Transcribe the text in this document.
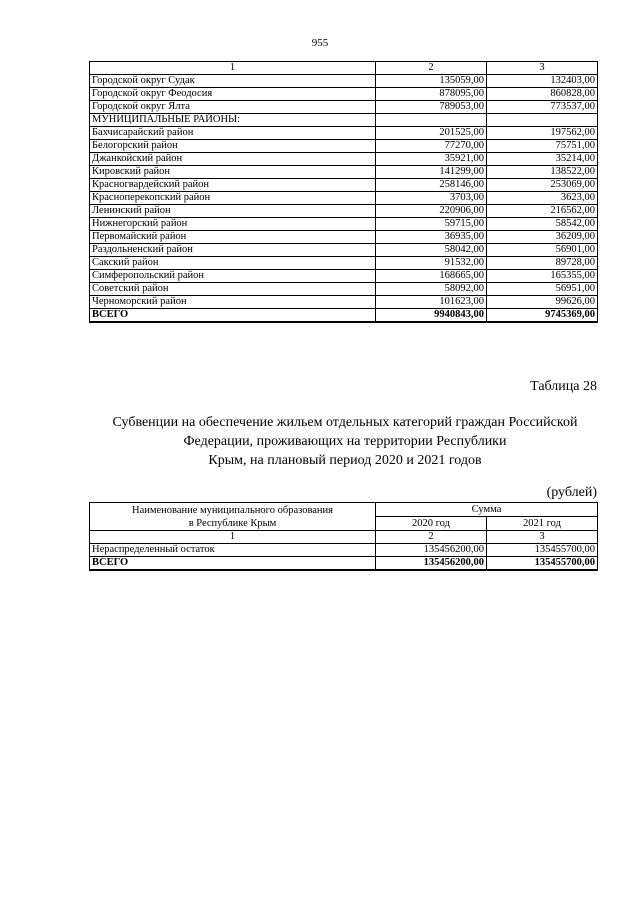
955
1	2	3
Городской округ Судак	135059,00	132403,00
Городской округ Феодосия	878095,00	860828,00
Городской округ Ялта	789053,00	773537,00
МУНИЦИПАЛЬНЫЕ РАЙОНЫ:		
Бахчисарайский район	201525,00	197562,00
Белогорский район	77270,00	75751,00
Джанкойский район	35921,00	35214,00
Кировский район	141299,00	138522,00
Красногвардейский район	258146,00	253069,00
Красноперекопский район	3703,00	3623,00
Ленинский район	220906,00	216562,00
Нижнегорский район	59715,00	58542,00
Первомайский район	36935,00	36209,00
Раздольненский район	58042,00	56901,00
Сакский район	91532,00	89728,00
Симферопольский район	168665,00	165355,00
Советский район	58092,00	56951,00
Черноморский район	101623,00	99626,00
ВСЕГО	9940843,00	9745369,00
Таблица 28
Субвенции на обеспечение жильем отдельных категорий граждан Российской
Федерации, проживающих на территории Республики
Крым, на плановый период 2020 и 2021 годов
(рублей)
Наименование муниципального образования
в Республике Крым	Сумма	
	2020 год	2021 год
1	2	3
Нераспределенный остаток	135456200,00	135455700,00
ВСЕГО	135456200,00	135455700,00
